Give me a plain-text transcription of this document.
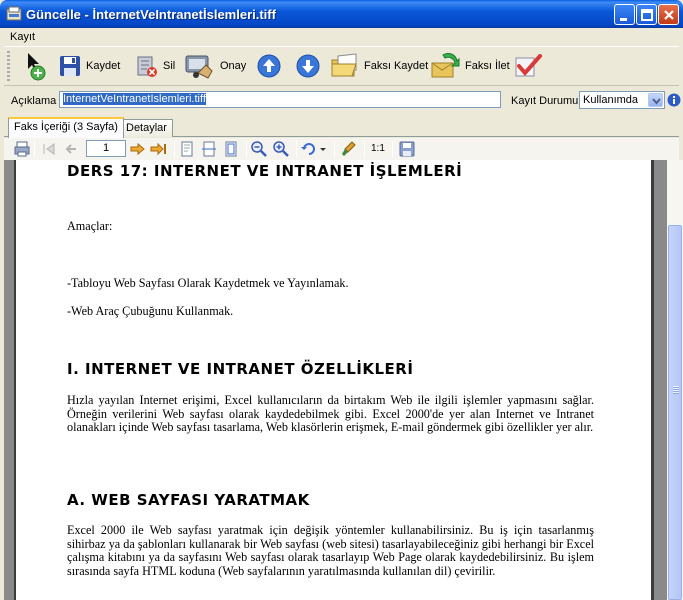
Güncelle - İnternetVeIntranetİslemleri.tiff
Kayıt
Kaydet	Sil	Onay	Faksı Kaydet	Faksı İlet
Açıklama InternetVeIntranetIslemleri.tiff	Kayıt Durumu Kullanımda
Faks İçeriği (3 Sayfa) Detaylar
1	1:1
DERS 17: INTERNET VE INTRANET İŞLEMLERİ
Amaçlar:
-Tabloyu Web Sayfası Olarak Kaydetmek ve Yayınlamak.
-Web Araç Çubuğunu Kullanmak.
I. INTERNET VE INTRANET ÖZELLİKLERİ
Hızla yayılan Internet erişimi, Excel kullanıcıların da birtakım Web ile ilgili işlemler yapmasını sağlar. Örneğin verilerini Web sayfası olarak kaydedebilmek gibi. Excel 2000'de yer alan Internet ve Intranet olanakları içinde Web sayfası tasarlama, Web klasörlerin erişmek, E-mail göndermek gibi özellikler yer alır.
A. WEB SAYFASI YARATMAK
Excel 2000 ile Web sayfası yaratmak için değişik yöntemler kullanabilirsiniz. Bu iş için tasarlanmış sihirbaz ya da şablonları kullanarak bir Web sayfası (web sitesi) tasarlayabileceğiniz gibi herhangi bir Excel çalışma kitabını ya da sayfasını Web sayfası olarak tasarlayıp Web Page olarak kaydedebilirsiniz. Bu işlem sırasında sayfa HTML koduna (Web sayfalarının yaratılmasında kullanılan dil) çevirilir.
